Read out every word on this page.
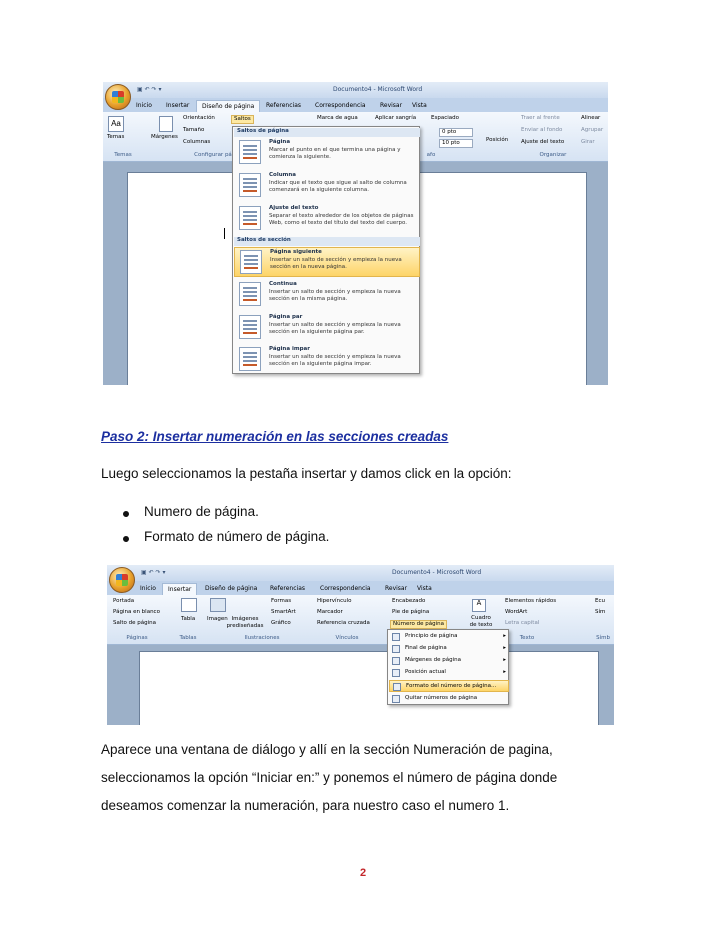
▣ ↶ ↷ ▾	Documento4 - Microsoft Word
Inicio	Insertar	Diseño de página	Referencias	Correspondencia	Revisar	Vista
Aa
Temas	Márgenes
Orientación
Tamaño
Columnas
Saltos	Marca de agua	Aplicar sangría	Espaciado
0 pto
10 pto	Posición
Traer al frente
Enviar al fondo
Ajuste del texto
Alinear
Agrupar
Girar
Temas	Configurar pá	afo	Organizar
Saltos de página
Página
Marcar el punto en el que termina una página y comienza la siguiente.
Columna
Indicar que el texto que sigue al salto de columna comenzará en la siguiente columna.
Ajuste del texto
Separar el texto alrededor de los objetos de páginas Web, como el texto del título del texto del cuerpo.
Saltos de sección
Página siguiente
Insertar un salto de sección y empieza la nueva sección en la nueva página.
Continua
Insertar un salto de sección y empieza la nueva sección en la misma página.
Página par
Insertar un salto de sección y empieza la nueva sección en la siguiente página par.
Página impar
Insertar un salto de sección y empieza la nueva sección en la siguiente página impar.
Paso 2: Insertar numeración en las secciones creadas
Luego seleccionamos la pestaña insertar y damos click en la opción:
Numero de página.
Formato de número de página.
▣ ↶ ↷ ▾	Documento4 - Microsoft Word
Inicio	Insertar	Diseño de página	Referencias	Correspondencia	Revisar	Vista
Portada
Página en blanco
Salto de página
Tabla Imagen Imágenes prediseñadas
Formas
SmartArt
Gráfico
Hipervínculo
Marcador
Referencia cruzada
Encabezado
Pie de página
Número de página
A
Cuadro de texto
Elementos rápidos
WordArt
Letra capital
Ecu
Sím
Páginas	Tablas	Ilustraciones	Vínculos	Texto	Símb
Principio de página	▸
Final de página	▸
Márgenes de página	▸
Posición actual	▸
Formato del número de página...
Quitar números de página
Aparece una ventana de diálogo y allí en la sección Numeración de pagina,
seleccionamos la opción “Iniciar en:” y ponemos el número de página donde
deseamos comenzar la numeración, para nuestro caso el numero 1.
2
